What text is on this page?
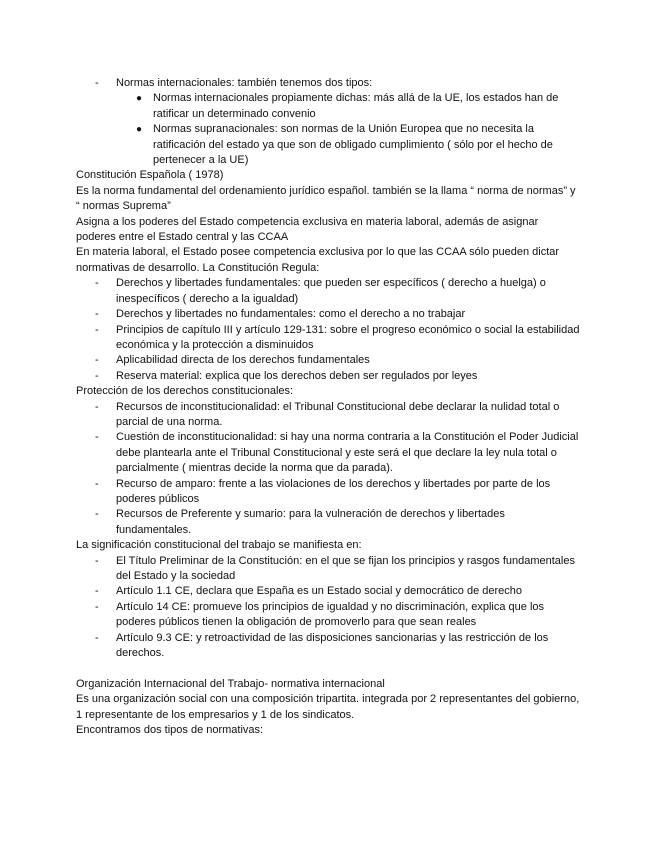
- Normas internacionales: también tenemos dos tipos:
● Normas internacionales propiamente dichas: más allá de la UE, los estados han de ratificar un determinado convenio
● Normas supranacionales: son normas de la Unión Europea que no necesita la ratificación del estado ya que son de obligado cumplimiento ( sólo por el hecho de pertenecer a la UE)

Constitución Española ( 1978)

Es la norma fundamental del ordenamiento jurídico español. también se la llama “ norma de normas” y “ normas Suprema”

Asigna a los poderes del Estado competencia exclusiva en materia laboral, además de asignar poderes entre el Estado central y las CCAA

En materia laboral, el Estado posee competencia exclusiva por lo que las CCAA sólo pueden dictar normativas de desarrollo. La Constitución Regula:

- Derechos y libertades fundamentales: que pueden ser específicos ( derecho a huelga) o inespecíficos ( derecho a la igualdad)
- Derechos y libertades no fundamentales: como el derecho a no trabajar
- Principios de capítulo III y artículo 129-131: sobre el progreso económico o social la estabilidad económica y la protección a disminuidos
- Aplicabilidad directa de los derechos fundamentales
- Reserva material: explica que los derechos deben ser regulados por leyes

Protección de los derechos constitucionales:

- Recursos de inconstitucionalidad: el Tribunal Constitucional debe declarar la nulidad total o parcial de una norma.
- Cuestión de inconstitucionalidad: si hay una norma contraria a la Constitución el Poder Judicial debe plantearla ante el Tribunal Constitucional y este será el que declare la ley nula total o parcialmente ( mientras decide la norma que da parada).
- Recurso de amparo: frente a las violaciones de los derechos y libertades por parte de los poderes públicos
- Recursos de Preferente y sumario: para la vulneración de derechos y libertades fundamentales.

La significación constitucional del trabajo se manifiesta en:

- El Título Preliminar de la Constitución: en el que se fijan los principios y rasgos fundamentales del Estado y la sociedad
- Artículo 1.1 CE, declara que España es un Estado social y democrático de derecho
- Artículo 14 CE: promueve los principios de igualdad y no discriminación, explica que los poderes públicos tienen la obligación de promoverlo para que sean reales
- Artículo 9.3 CE: y retroactividad de las disposiciones sancionarias y las restricción de los derechos.

Organización Internacional del Trabajo- normativa internacional

Es una organización social con una composición tripartita. integrada por 2 representantes del gobierno, 1 representante de los empresarios y 1 de los sindicatos.

Encontramos dos tipos de normativas:
